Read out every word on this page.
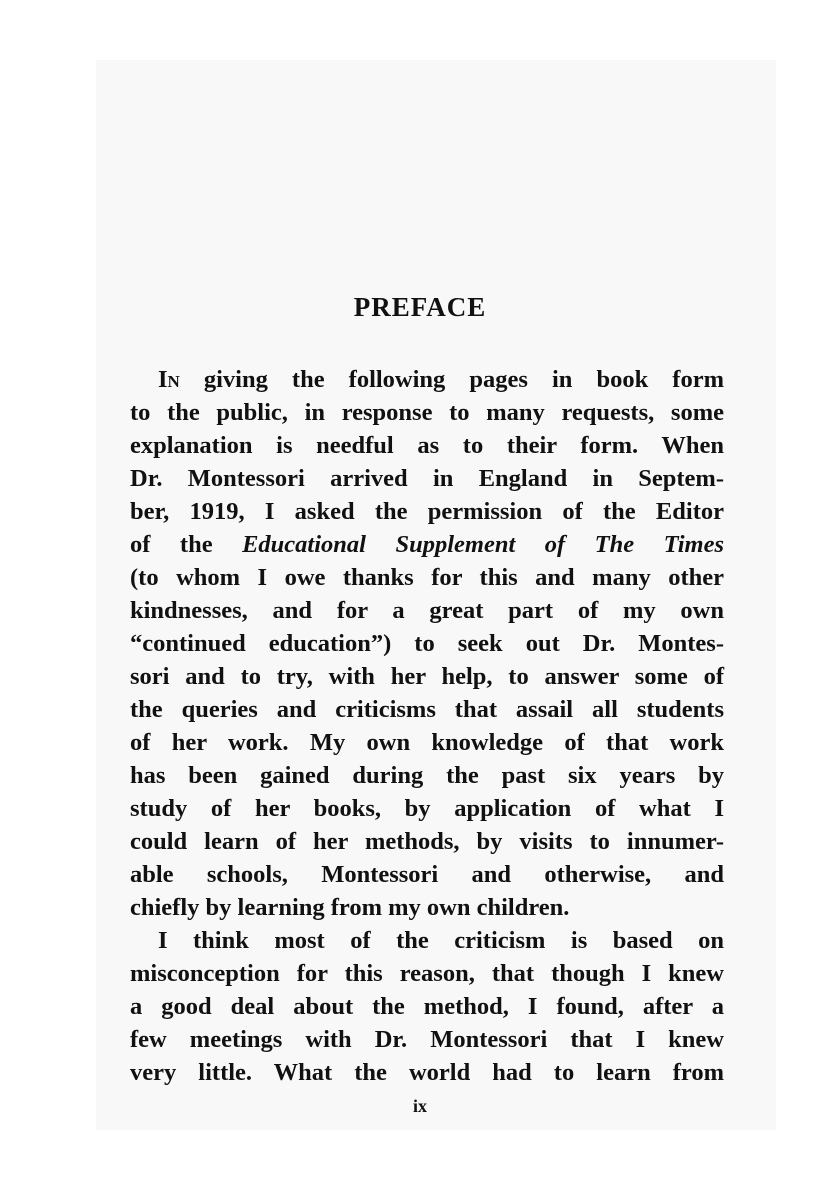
PREFACE
In giving the following pages in book form
to the public, in response to many requests, some
explanation is needful as to their form. When
Dr. Montessori arrived in England in Septem-
ber, 1919, I asked the permission of the Editor
of the Educational Supplement of The Times
(to whom I owe thanks for this and many other
kindnesses, and for a great part of my own
“continued education”) to seek out Dr. Montes-
sori and to try, with her help, to answer some of
the queries and criticisms that assail all students
of her work. My own knowledge of that work
has been gained during the past six years by
study of her books, by application of what I
could learn of her methods, by visits to innumer-
able schools, Montessori and otherwise, and
chiefly by learning from my own children.
I think most of the criticism is based on
misconception for this reason, that though I knew
a good deal about the method, I found, after a
few meetings with Dr. Montessori that I knew
very little. What the world had to learn from
ix
